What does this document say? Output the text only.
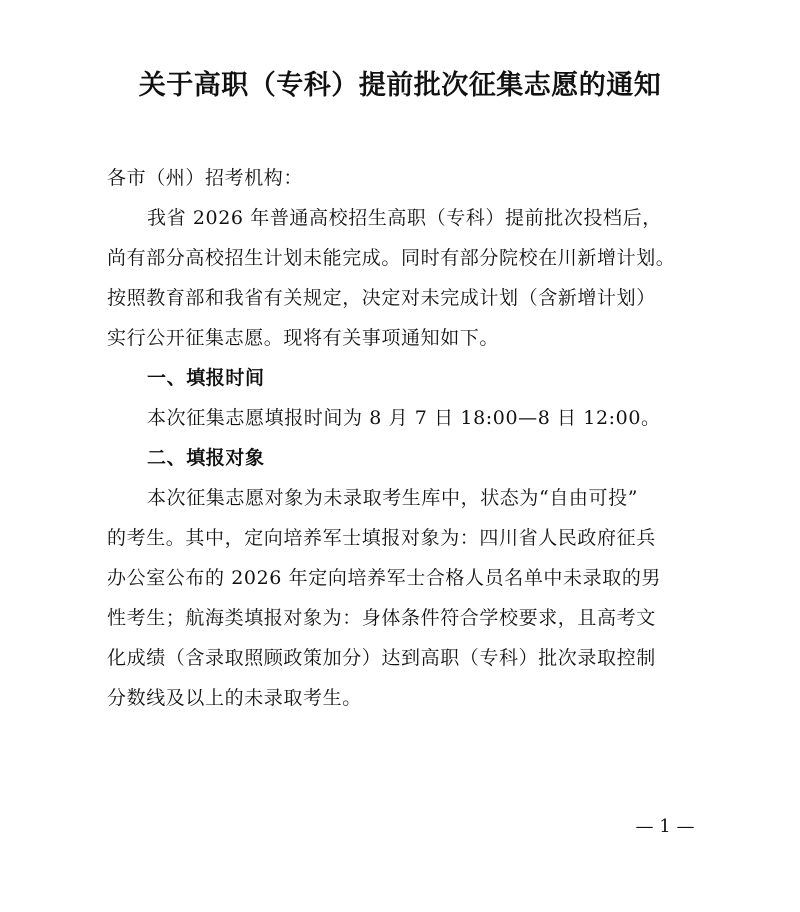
关于高职（专科）提前批次征集志愿的通知
各市（州）招考机构：
我省 2026 年普通高校招生高职（专科）提前批次投档后，
尚有部分高校招生计划未能完成。同时有部分院校在川新增计划。
按照教育部和我省有关规定，决定对未完成计划（含新增计划）
实行公开征集志愿。现将有关事项通知如下。
一、填报时间
本次征集志愿填报时间为 8 月 7 日 18:00—8 日 12:00。
二、填报对象
本次征集志愿对象为未录取考生库中，状态为“自由可投”
的考生。其中，定向培养军士填报对象为：四川省人民政府征兵
办公室公布的 2026 年定向培养军士合格人员名单中未录取的男
性考生；航海类填报对象为：身体条件符合学校要求，且高考文
化成绩（含录取照顾政策加分）达到高职（专科）批次录取控制
分数线及以上的未录取考生。
— 1 —
